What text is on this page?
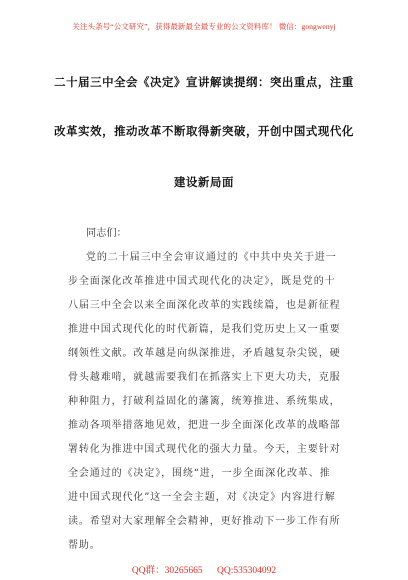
关注头条号“公文研究”，获得最新最全最专业的公文资料库！ 微信：gongwenyj
二十届三中全会《决定》宣讲解读提纲：突出重点，注重
改革实效，推动改革不断取得新突破，开创中国式现代化
建设新局面
同志们：
党的二十届三中全会审议通过的《中共中央关于进一
步全面深化改革推进中国式现代化的决定》，既是党的十
八届三中全会以来全面深化改革的实践续篇，也是新征程
推进中国式现代化的时代新篇，是我们党历史上又一重要
纲领性文献。改革越是向纵深推进，矛盾越复杂尖锐，硬
骨头越难啃，就越需要我们在抓落实上下更大功夫，克服
种种阻力，打破利益固化的藩篱，统筹推进、系统集成，
推动各项举措落地见效，把进一步全面深化改革的战略部
署转化为推进中国式现代化的强大力量。今天，主要针对
全会通过的《决定》，围绕“进，一步全面深化改革、推
进中国式现代化”这一全会主题，对《决定》内容进行解
读。希望对大家理解全会精神，更好推动下一步工作有所
帮助。
QQ群：30265665 QQ:535304092
